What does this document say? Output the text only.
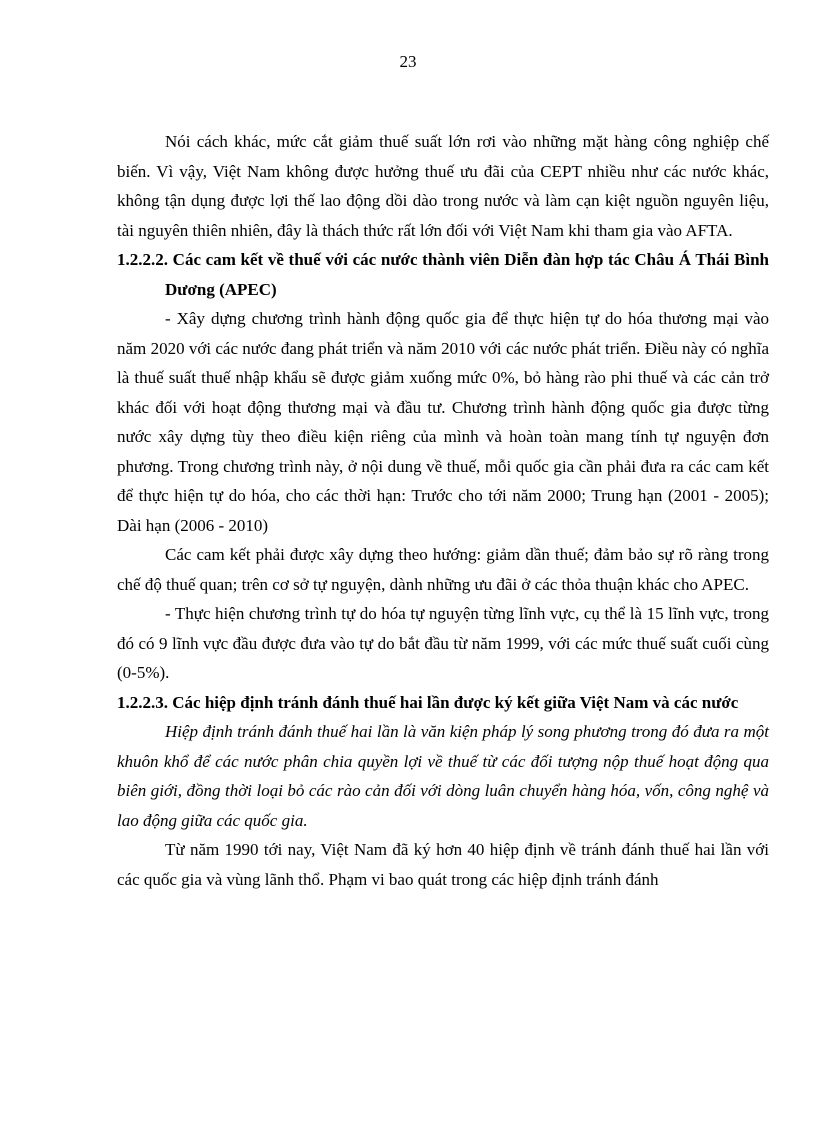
23

Nói cách khác, mức cắt giảm thuế suất lớn rơi vào những mặt hàng công nghiệp chế biến. Vì vậy, Việt Nam không được hưởng thuế ưu đãi của CEPT nhiều như các nước khác, không tận dụng được lợi thế lao động dồi dào trong nước và làm cạn kiệt nguồn nguyên liệu, tài nguyên thiên nhiên, đây là thách thức rất lớn đối với Việt Nam khi tham gia vào AFTA.

1.2.2.2. Các cam kết về thuế với các nước thành viên Diễn đàn hợp tác Châu Á Thái Bình Dương (APEC)

- Xây dựng chương trình hành động quốc gia để thực hiện tự do hóa thương mại vào năm 2020 với các nước đang phát triển và năm 2010 với các nước phát triển. Điều này có nghĩa là thuế suất thuế nhập khẩu sẽ được giảm xuống mức 0%, bỏ hàng rào phi thuế và các cản trở khác đối với hoạt động thương mại và đầu tư. Chương trình hành động quốc gia được từng nước xây dựng tùy theo điều kiện riêng của mình và hoàn toàn mang tính tự nguyện đơn phương. Trong chương trình này, ở nội dung về thuế, mỗi quốc gia cần phải đưa ra các cam kết để thực hiện tự do hóa, cho các thời hạn: Trước cho tới năm 2000; Trung hạn (2001 - 2005); Dài hạn (2006 - 2010)

Các cam kết phải được xây dựng theo hướng: giảm dần thuế; đảm bảo sự rõ ràng trong chế độ thuế quan; trên cơ sở tự nguyện, dành những ưu đãi ở các thỏa thuận khác cho APEC.

- Thực hiện chương trình tự do hóa tự nguyện từng lĩnh vực, cụ thể là 15 lĩnh vực, trong đó có 9 lĩnh vực đầu được đưa vào tự do bắt đầu từ năm 1999, với các mức thuế suất cuối cùng (0-5%).

1.2.2.3. Các hiệp định tránh đánh thuế hai lần được ký kết giữa Việt Nam và các nước

Hiệp định tránh đánh thuế hai lần là văn kiện pháp lý song phương trong đó đưa ra một khuôn khổ để các nước phân chia quyền lợi về thuế từ các đối tượng nộp thuế hoạt động qua biên giới, đồng thời loại bỏ các rào cản đối với dòng luân chuyển hàng hóa, vốn, công nghệ và lao động giữa các quốc gia.

Từ năm 1990 tới nay, Việt Nam đã ký hơn 40 hiệp định về tránh đánh thuế hai lần với các quốc gia và vùng lãnh thổ. Phạm vi bao quát trong các hiệp định tránh đánh
